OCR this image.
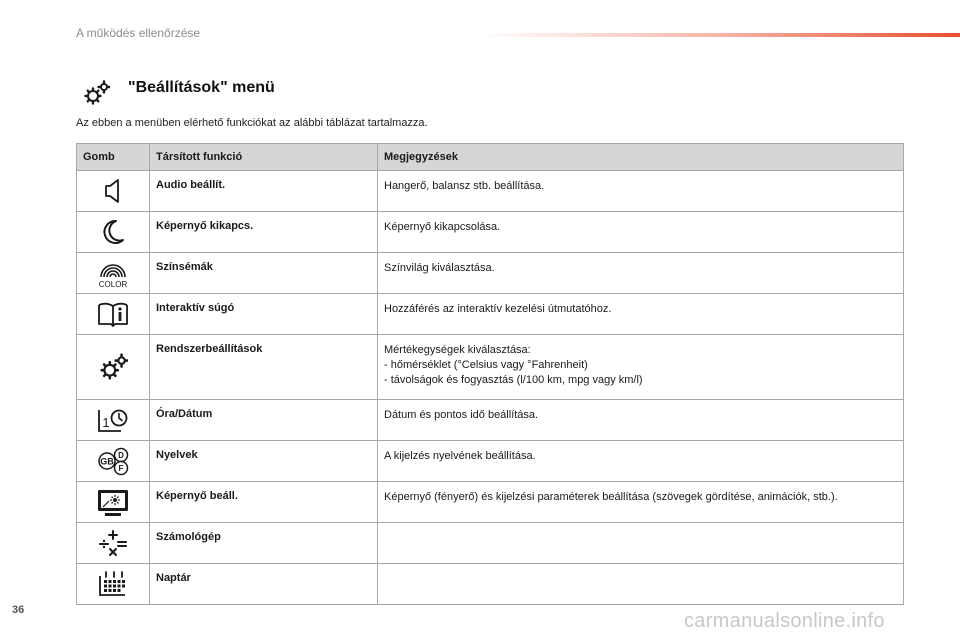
A működés ellenőrzése
"Beállítások" menü
Az ebben a menüben elérhető funkciókat az alábbi táblázat tartalmazza.
Gomb	Társított funkció	Megjegyzések

	Audio beállít.	Hangerő, balansz stb. beállítása.

	Képernyő kikapcs.	Képernyő kikapcsolása.

COLOR	Színsémák	Színvilág kiválasztása.

	Interaktív súgó	Hozzáférés az interaktív kezelési útmutatóhoz.

	Rendszerbeállítások	Mértékegységek kiválasztása:
- hőmérséklet (°Celsius vagy °Fahrenheit)
- távolságok és fogyasztás (l/100 km, mpg vagy km/l)

1	Óra/Dátum	Dátum és pontos idő beállítása.

GB
D
F	Nyelvek	A kijelzés nyelvének beállítása.

	Képernyő beáll.	Képernyő (fényerő) és kijelzési paraméterek beállítása (szövegek gördítése, animációk, stb.).

	Számológép	

	Naptár	
36	carmanualsonline.info
